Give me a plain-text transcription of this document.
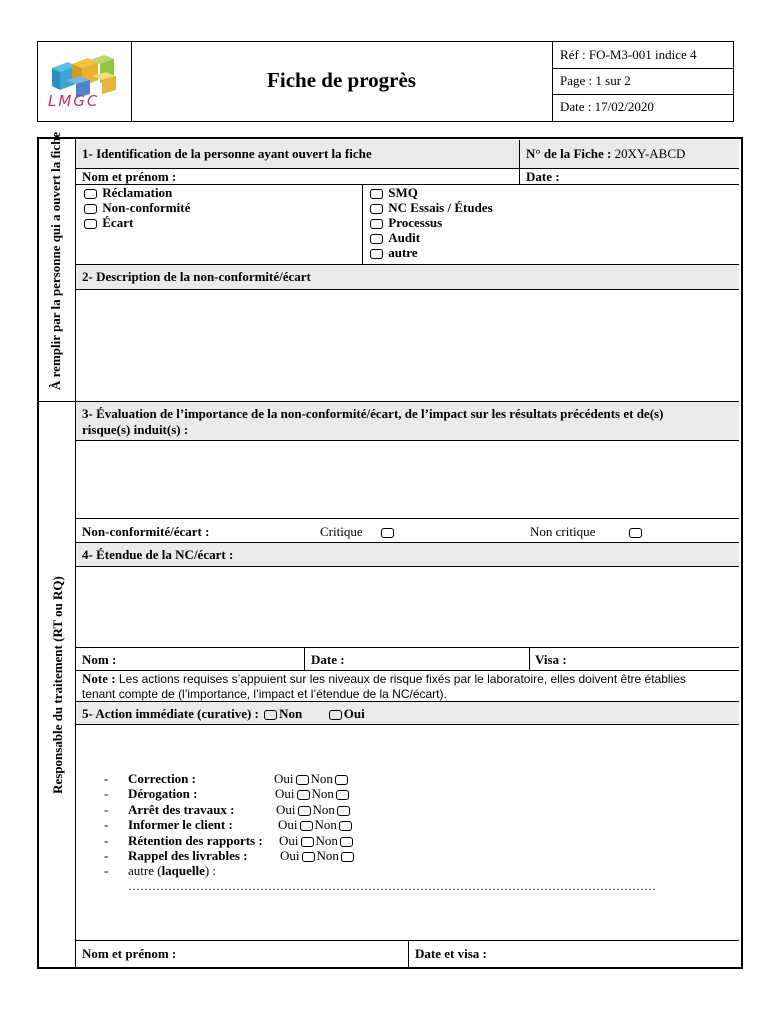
LMGC
Fiche de progrès
Réf : FO-M3-001 indice 4
Page : 1 sur 2
Date : 17/02/2020
À remplir par la personne qui a ouvert la fiche
Responsable du traitement (RT ou RQ)
1- Identification de la personne ayant ouvert la fiche	N° de la Fiche : 20XY-ABCD
Nom et prénom :	Date :
Réclamation
Non-conformité
Écart
SMQ
NC Essais / Études
Processus
Audit
autre
2- Description de la non-conformité/écart
3- Évaluation de l’importance de la non-conformité/écart, de l’impact sur les résultats précédents et de(s)
risque(s) induit(s) :
Non-conformité/écart :	Critique	Non critique
4- Étendue de la NC/écart :
Nom :	Date :	Visa :
Note : Les actions requises s’appuient sur les niveaux de risque fixés par le laboratoire, elles doivent être établies
tenant compte de (l’importance, l’impact et l’étendue de la NC/écart).
5- Action immédiate (curative) : Non	Oui
- Correction :	Oui Non
- Dérogation :	Oui Non
- Arrêt des travaux :	Oui Non
- Informer le client :	Oui Non
- Rétention des rapports : Oui Non
- Rappel des livrables : Oui Non
- autre (laquelle) :
……………………………………………………………………………………………………………………
Nom et prénom :	Date et visa :
